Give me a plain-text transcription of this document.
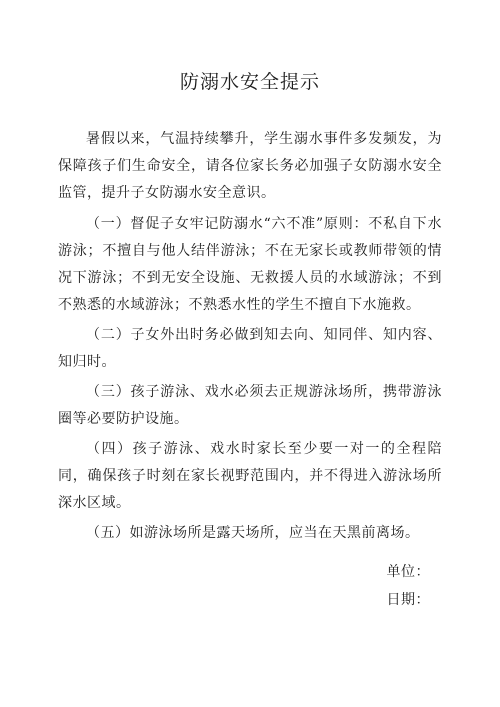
防溺水安全提示

暑假以来，气温持续攀升，学生溺水事件多发频发，为保障孩子们生命安全，请各位家长务必加强子女防溺水安全监管，提升子女防溺水安全意识。

（一）督促子女牢记防溺水“六不准”原则：不私自下水游泳；不擅自与他人结伴游泳；不在无家长或教师带领的情况下游泳；不到无安全设施、无救援人员的水域游泳；不到不熟悉的水域游泳；不熟悉水性的学生不擅自下水施救。

（二）子女外出时务必做到知去向、知同伴、知内容、知归时。

（三）孩子游泳、戏水必须去正规游泳场所，携带游泳圈等必要防护设施。

（四）孩子游泳、戏水时家长至少要一对一的全程陪同，确保孩子时刻在家长视野范围内，并不得进入游泳场所深水区域。

（五）如游泳场所是露天场所，应当在天黑前离场。

单位：
日期：
